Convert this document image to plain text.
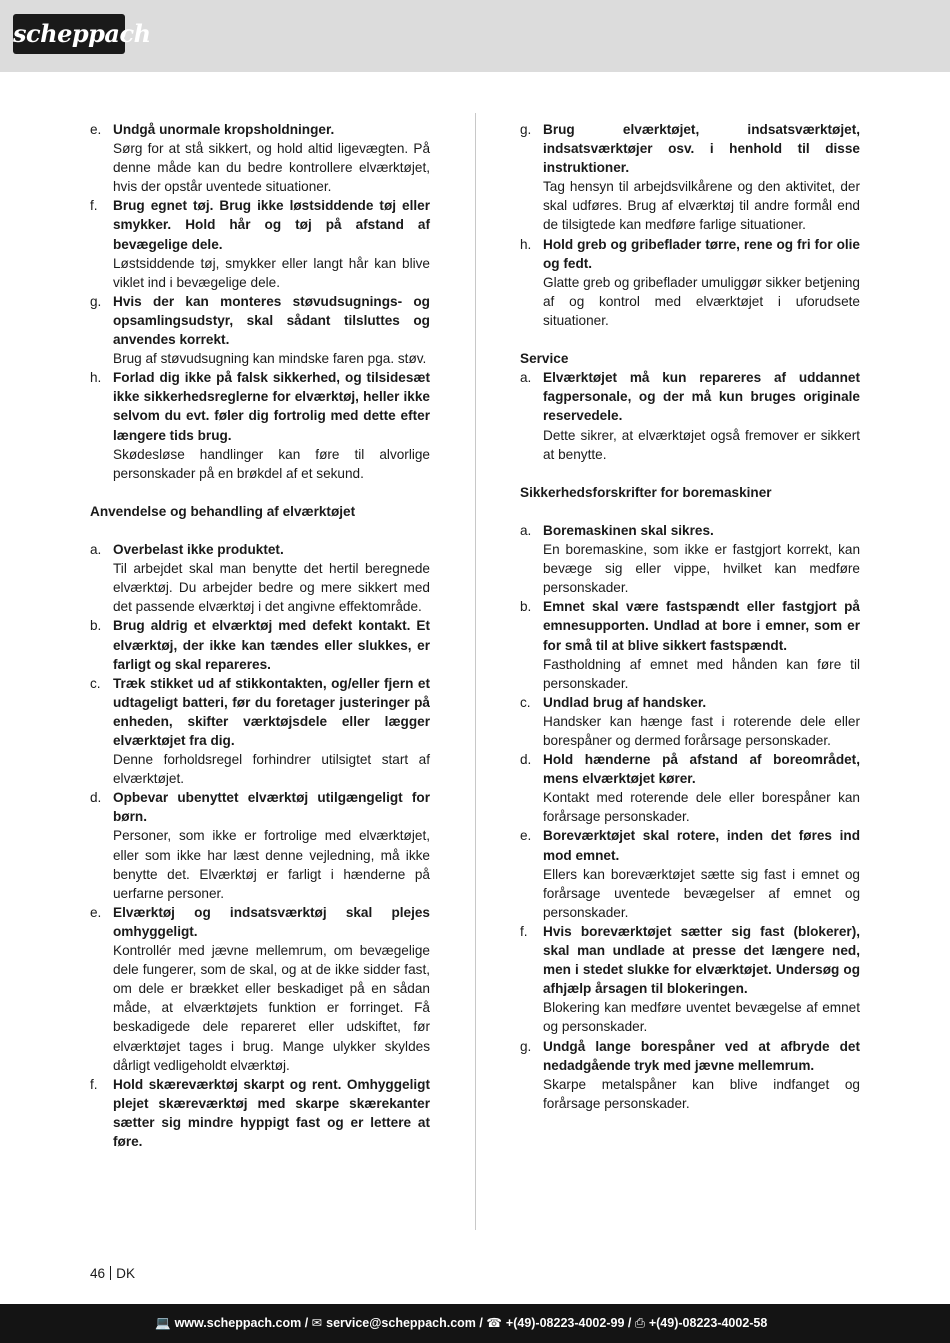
scheppach
e. Undgå unormale kropsholdninger.

Sørg for at stå sikkert, og hold altid ligevægten. På denne måde kan du bedre kontrollere elværktøjet, hvis der opstår uventede situationer.

f.	Brug egnet tøj. Brug ikke løstsiddende tøj eller smykker. Hold hår og tøj på afstand af bevægelige dele.

Løstsiddende tøj, smykker eller langt hår kan blive viklet ind i bevægelige dele.

g. Hvis der kan monteres støvudsugnings- og opsamlingsudstyr, skal sådant tilsluttes og anvendes korrekt.

Brug af støvudsugning kan mindske faren pga. støv.

h. Forlad dig ikke på falsk sikkerhed, og tilsidesæt ikke sikkerhedsreglerne for elværktøj, heller ikke selvom du evt. føler dig fortrolig med dette efter længere tids brug.

Skødesløse handlinger kan føre til alvorlige personskader på en brøkdel af et sekund.

Anvendelse og behandling af elværktøjet

a. Overbelast ikke produktet.

Til arbejdet skal man benytte det hertil beregnede elværktøj. Du arbejder bedre og mere sikkert med det passende elværktøj i det angivne effektområde.

b. Brug aldrig et elværktøj med defekt kontakt. Et elværktøj, der ikke kan tændes eller slukkes, er farligt og skal repareres.

c. Træk stikket ud af stikkontakten, og/eller fjern et udtageligt batteri, før du foretager justeringer på enheden, skifter værktøjsdele eller lægger elværktøjet fra dig.

Denne forholdsregel forhindrer utilsigtet start af elværktøjet.

d. Opbevar ubenyttet elværktøj utilgængeligt for børn.

Personer, som ikke er fortrolige med elværktøjet, eller som ikke har læst denne vejledning, må ikke benytte det. Elværktøj er farligt i hænderne på uerfarne personer.

e. Elværktøj og indsatsværktøj skal plejes omhyggeligt.

Kontrollér med jævne mellemrum, om bevægelige dele fungerer, som de skal, og at de ikke sidder fast, om dele er brækket eller beskadiget på en sådan måde, at elværktøjets funktion er forringet. Få beskadigede dele repareret eller udskiftet, før elværktøjet tages i brug. Mange ulykker skyldes dårligt vedligeholdt elværktøj.

f.	Hold skæreværktøj skarpt og rent. Omhyggeligt plejet skæreværktøj med skarpe skærekanter sætter sig mindre hyppigt fast og er lettere at føre.

g. Brug elværktøjet, indsatsværktøjet, indsatsværktøjer osv. i henhold til disse instruktioner.

Tag hensyn til arbejdsvilkårene og den aktivitet, der skal udføres. Brug af elværktøj til andre formål end de tilsigtede kan medføre farlige situationer.

h. Hold greb og gribeflader tørre, rene og fri for olie og fedt.

Glatte greb og gribeflader umuliggør sikker betjening af og kontrol med elværktøjet i uforudsete situationer.

Service

a. Elværktøjet må kun repareres af uddannet fagpersonale, og der må kun bruges originale reservedele.

Dette sikrer, at elværktøjet også fremover er sikkert at benytte.

Sikkerhedsforskrifter for boremaskiner

a. Boremaskinen skal sikres.

En boremaskine, som ikke er fastgjort korrekt, kan bevæge sig eller vippe, hvilket kan medføre personskader.

b. Emnet skal være fastspændt eller fastgjort på emnesupporten. Undlad at bore i emner, som er for små til at blive sikkert fastspændt.

Fastholdning af emnet med hånden kan føre til personskader.

c. Undlad brug af handsker.

Handsker kan hænge fast i roterende dele eller borespåner og dermed forårsage personskader.

d. Hold hænderne på afstand af boreområdet, mens elværktøjet kører.

Kontakt med roterende dele eller borespåner kan forårsage personskader.

e. Boreværktøjet skal rotere, inden det føres ind mod emnet.

Ellers kan boreværktøjet sætte sig fast i emnet og forårsage uventede bevægelser af emnet og personskader.

f.	Hvis boreværktøjet sætter sig fast (blokerer), skal man undlade at presse det længere ned, men i stedet slukke for elværktøjet. Undersøg og afhjælp årsagen til blokeringen.

Blokering kan medføre uventet bevægelse af emnet og personskader.

g. Undgå lange borespåner ved at afbryde det nedadgående tryk med jævne mellemrum.

Skarpe metalspåner kan blive indfanget og forårsage personskader.

46 DK
💻 www.scheppach.com / ✉ service@scheppach.com / ☎ +(49)-08223-4002-99 / ⎙ +(49)-08223-4002-58
